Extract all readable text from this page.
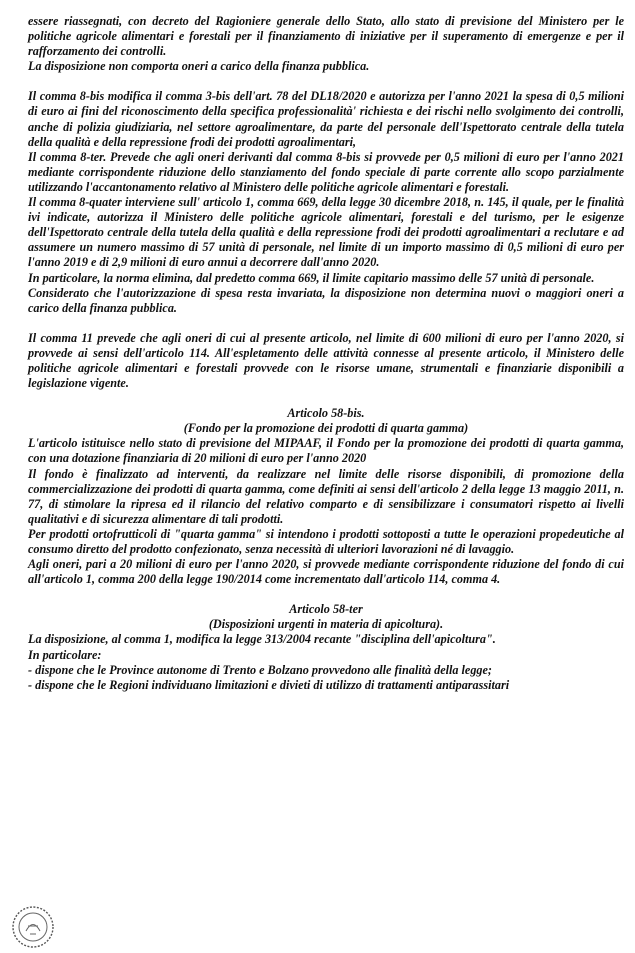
essere riassegnati, con decreto del Ragioniere generale dello Stato, allo stato di previsione del Ministero per le politiche agricole alimentari e forestali per il finanziamento di iniziative per il superamento di emergenze e per il rafforzamento dei controlli.

La disposizione non comporta oneri a carico della finanza pubblica.

Il comma 8-bis modifica il comma 3-bis dell'art. 78 del DL18/2020 e autorizza per l'anno 2021 la spesa di 0,5 milioni di euro ai fini del riconoscimento della specifica professionalità' richiesta e dei rischi nello svolgimento dei controlli, anche di polizia giudiziaria, nel settore agroalimentare, da parte del personale dell'Ispettorato centrale della tutela della qualità e della repressione frodi dei prodotti agroalimentari,

Il comma 8-ter. Prevede che agli oneri derivanti dal comma 8-bis si provvede per 0,5 milioni di euro per l'anno 2021 mediante corrispondente riduzione dello stanziamento del fondo speciale di parte corrente allo scopo parzialmente utilizzando l'accantonamento relativo al Ministero delle politiche agricole alimentari e forestali.

Il comma 8-quater interviene sull' articolo 1, comma 669, della legge 30 dicembre 2018, n. 145, il quale, per le finalità ivi indicate, autorizza il Ministero delle politiche agricole alimentari, forestali e del turismo, per le esigenze dell'Ispettorato centrale della tutela della qualità e della repressione frodi dei prodotti agroalimentari a reclutare e ad assumere un numero massimo di 57 unità di personale, nel limite di un importo massimo di 0,5 milioni di euro per l'anno 2019 e di 2,9 milioni di euro annui a decorrere dall'anno 2020.

In particolare, la norma elimina, dal predetto comma 669, il limite capitario massimo delle 57 unità di personale.

Considerato che l'autorizzazione di spesa resta invariata, la disposizione non determina nuovi o maggiori oneri a carico della finanza pubblica.

Il comma 11 prevede che agli oneri di cui al presente articolo, nel limite di 600 milioni di euro per l'anno 2020, si provvede ai sensi dell'articolo 114. All'espletamento delle attività connesse al presente articolo, il Ministero delle politiche agricole alimentari e forestali provvede con le risorse umane, strumentali e finanziarie disponibili a legislazione vigente.

Articolo 58-bis.

(Fondo per la promozione dei prodotti di quarta gamma)

L'articolo istituisce nello stato di previsione del MIPAAF, il Fondo per la promozione dei prodotti di quarta gamma, con una dotazione finanziaria di 20 milioni di euro per l'anno 2020

Il fondo è finalizzato ad interventi, da realizzare nel limite delle risorse disponibili, di promozione della commercializzazione dei prodotti di quarta gamma, come definiti ai sensi dell'articolo 2 della legge 13 maggio 2011, n. 77, di stimolare la ripresa ed il rilancio del relativo comparto e di sensibilizzare i consumatori rispetto ai livelli qualitativi e di sicurezza alimentare di tali prodotti.

Per prodotti ortofrutticoli di "quarta gamma" si intendono i prodotti sottoposti a tutte le operazioni propedeutiche al consumo diretto del prodotto confezionato, senza necessità di ulteriori lavorazioni né di lavaggio.

Agli oneri, pari a 20 milioni di euro per l'anno 2020, si provvede mediante corrispondente riduzione del fondo di cui all'articolo 1, comma 200 della legge 190/2014 come incrementato dall'articolo 114, comma 4.

Articolo 58-ter

(Disposizioni urgenti in materia di apicoltura).

La disposizione, al comma 1, modifica la legge 313/2004 recante "disciplina dell'apicoltura".

In particolare:

- dispone che le Province autonome di Trento e Bolzano provvedono alle finalità della legge;

- dispone che le Regioni individuano limitazioni e divieti di utilizzo di trattamenti antiparassitari
